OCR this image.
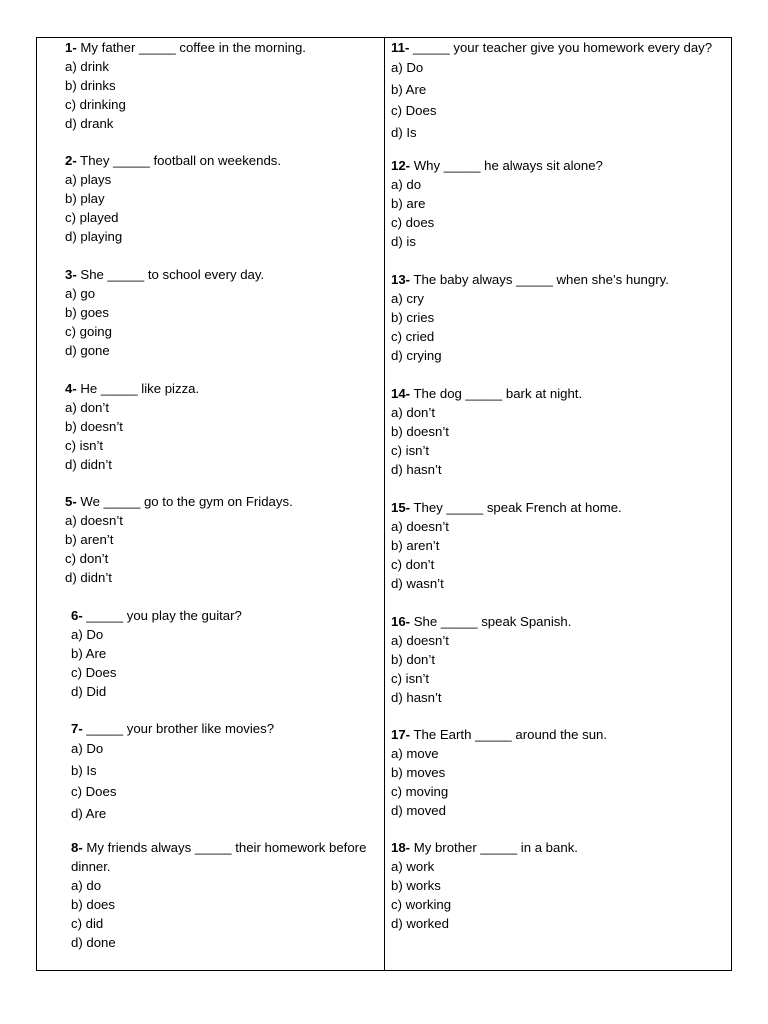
1- My father _____ coffee in the morning.
a) drink
b) drinks
c) drinking
d) drank
2- They _____ football on weekends.
a) plays
b) play
c) played
d) playing
3- She _____ to school every day.
a) go
b) goes
c) going
d) gone
4- He _____ like pizza.
a) don’t
b) doesn’t
c) isn’t
d) didn’t
5- We _____ go to the gym on Fridays.
a) doesn’t
b) aren’t
c) don’t
d) didn’t
6- _____ you play the guitar?
a) Do
b) Are
c) Does
d) Did
7- _____ your brother like movies?
a) Do
b) Is
c) Does
d) Are
8- My friends always _____ their homework before dinner.
a) do
b) does
c) did
d) done
11- _____ your teacher give you homework every day?
a) Do
b) Are
c) Does
d) Is
12- Why _____ he always sit alone?
a) do
b) are
c) does
d) is
13- The baby always _____ when she’s hungry.
a) cry
b) cries
c) cried
d) crying
14- The dog _____ bark at night.
a) don’t
b) doesn’t
c) isn’t
d) hasn’t
15- They _____ speak French at home.
a) doesn’t
b) aren’t
c) don’t
d) wasn’t
16- She _____ speak Spanish.
a) doesn’t
b) don’t
c) isn’t
d) hasn’t
17- The Earth _____ around the sun.
a) move
b) moves
c) moving
d) moved
18- My brother _____ in a bank.
a) work
b) works
c) working
d) worked
